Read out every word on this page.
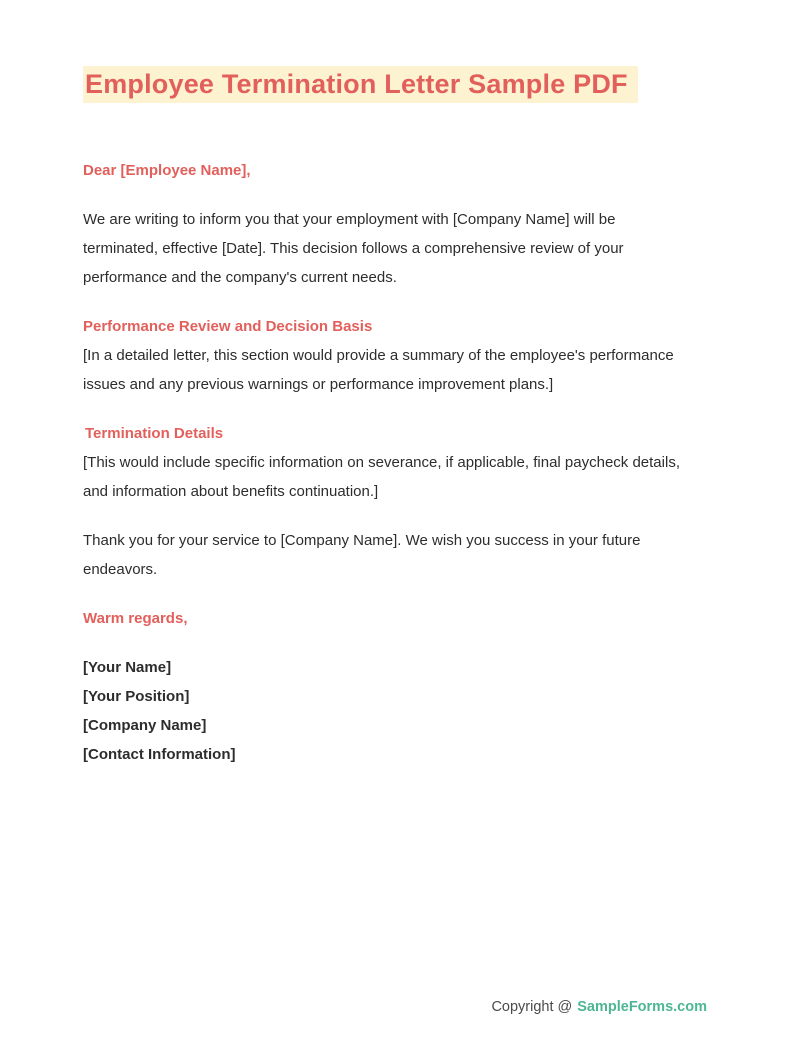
Employee Termination Letter Sample PDF

Dear [Employee Name],

We are writing to inform you that your employment with [Company Name] will be terminated, effective [Date]. This decision follows a comprehensive review of your performance and the company's current needs.

Performance Review and Decision Basis

[In a detailed letter, this section would provide a summary of the employee's performance issues and any previous warnings or performance improvement plans.]

Termination Details

[This would include specific information on severance, if applicable, final paycheck details, and information about benefits continuation.]

Thank you for your service to [Company Name]. We wish you success in your future endeavors.

Warm regards,

[Your Name]

[Your Position]

[Company Name]

[Contact Information]

Copyright @ SampleForms.com
